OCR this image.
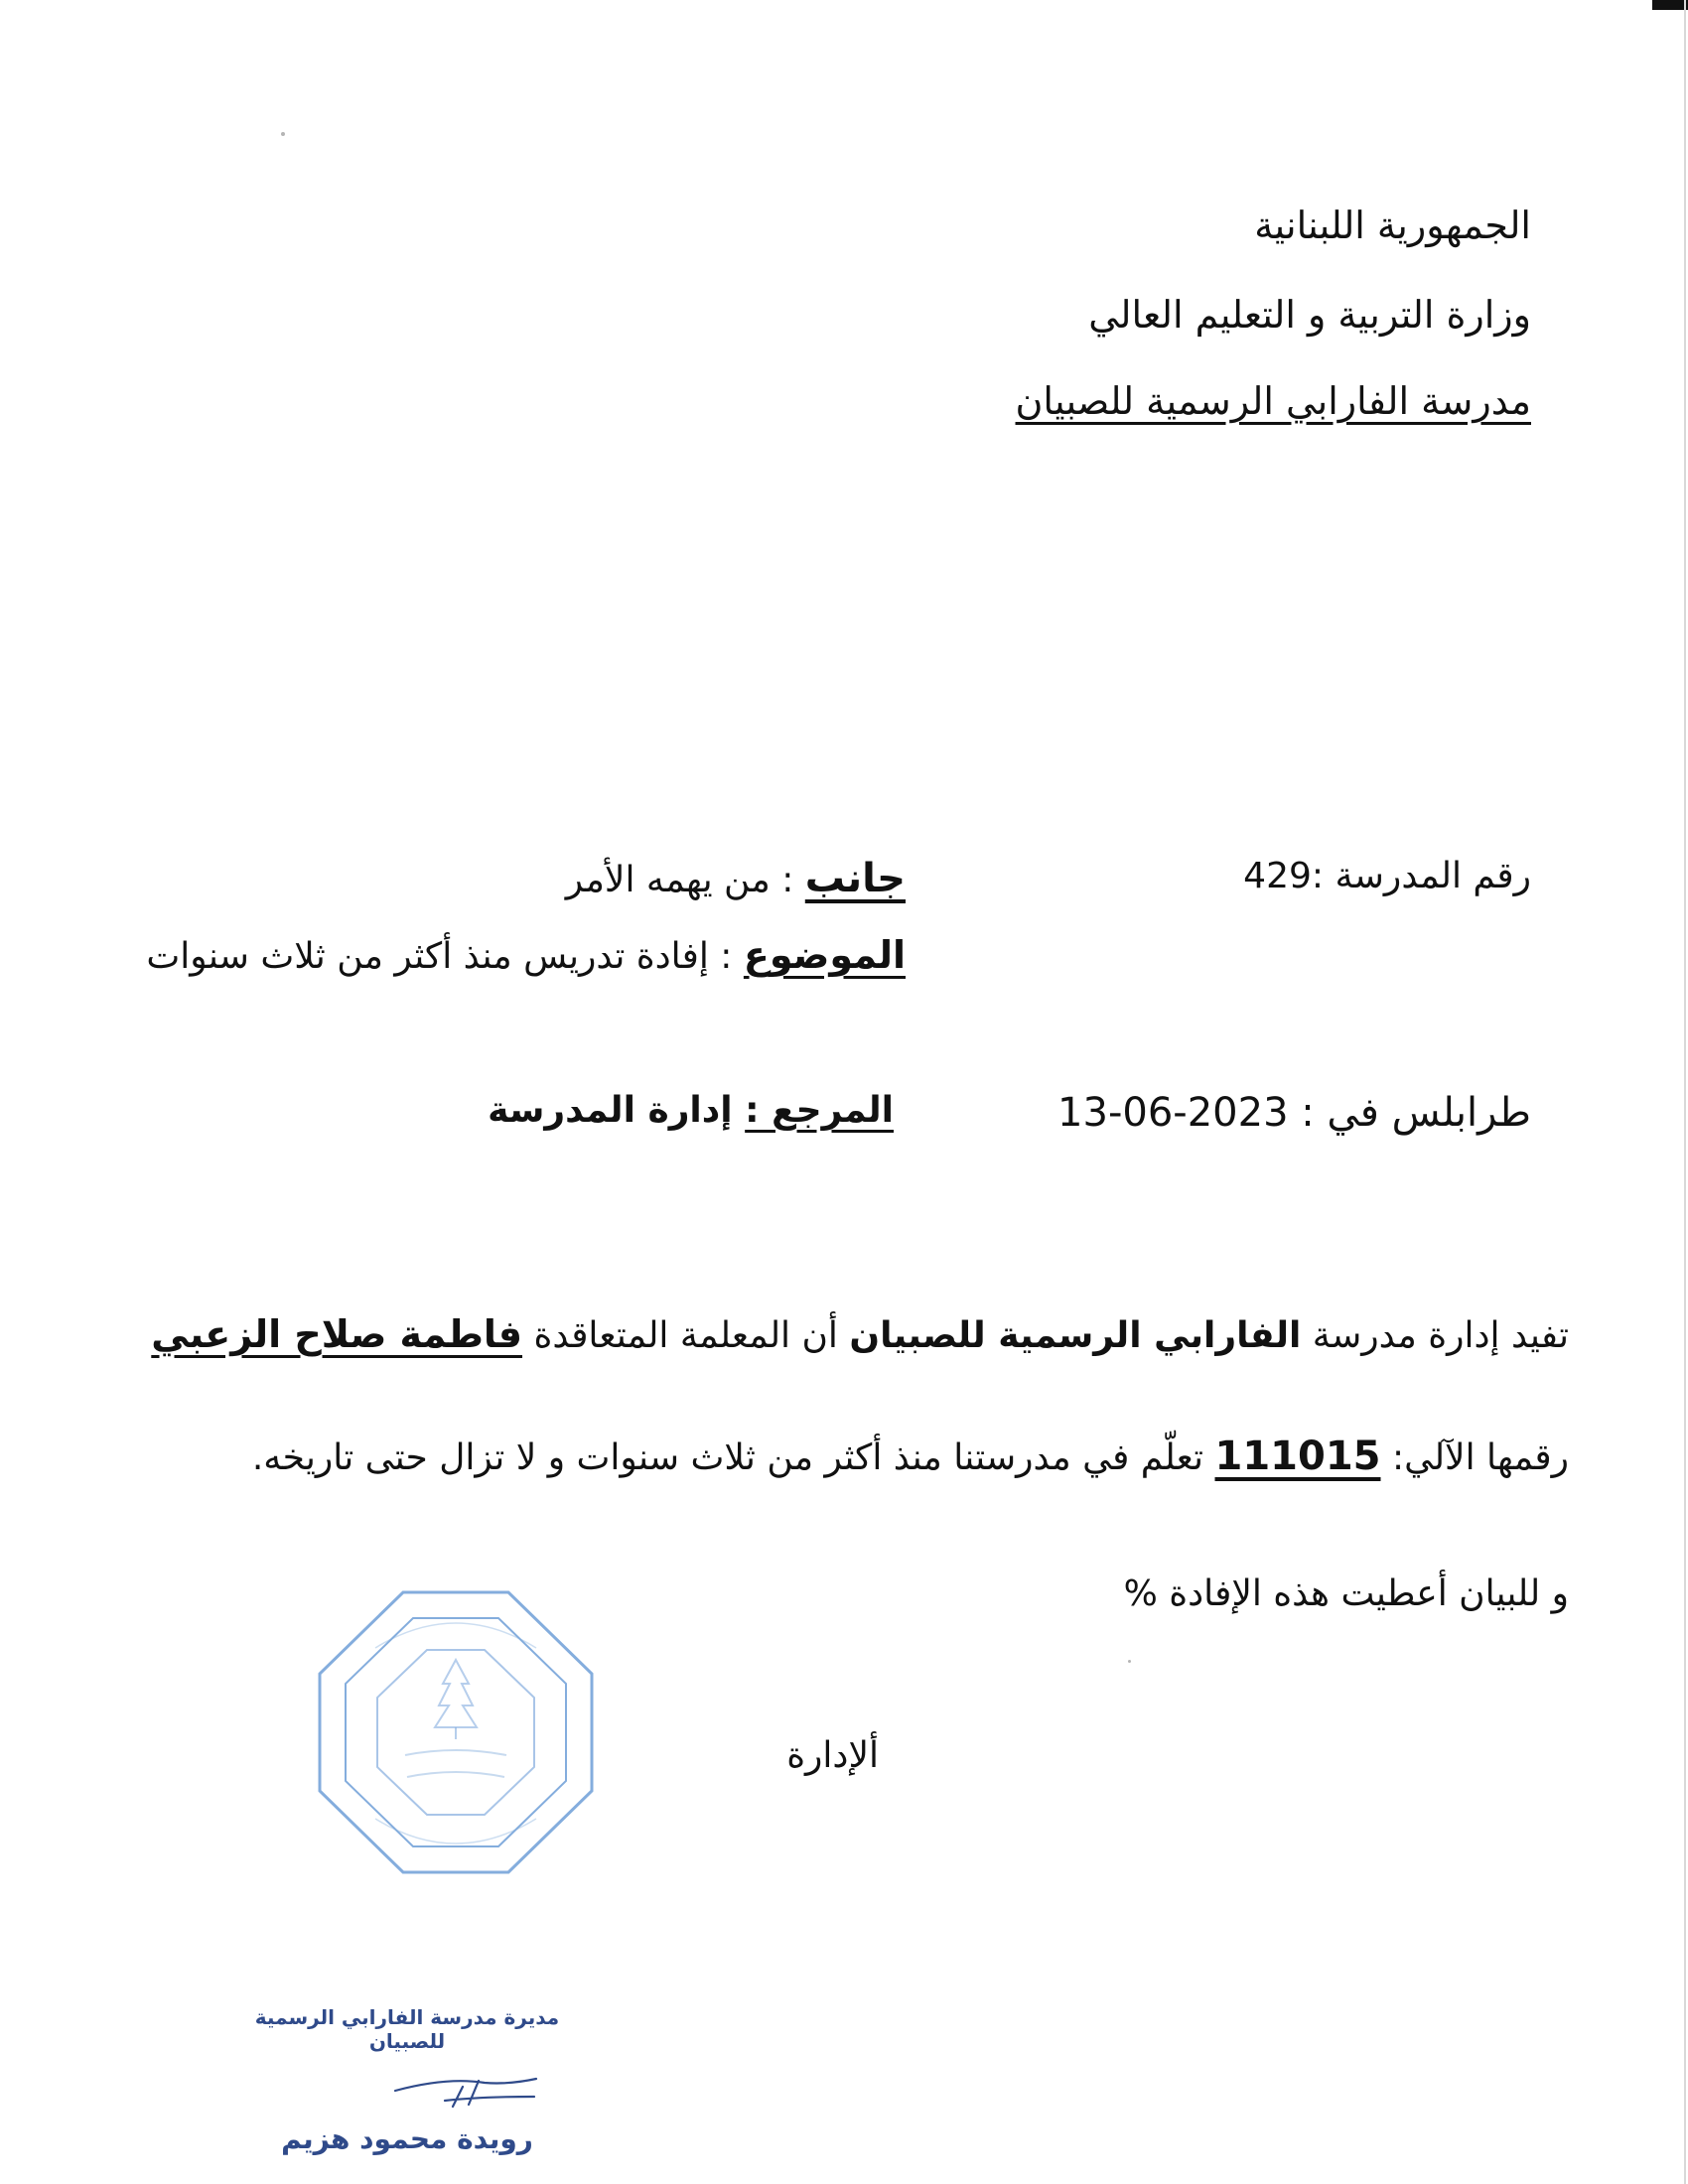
الجمهورية اللبنانية
وزارة التربية و التعليم العالي
مدرسة الفارابي الرسمية للصبيان
رقم المدرسة :429
جانب : من يهمه الأمر
الموضوع : إفادة تدريس منذ أكثر من ثلاث سنوات
طرابلس في : 2023-06-13
المرجع : إدارة المدرسة
تفيد إدارة مدرسة الفارابي الرسمية للصبيان أن المعلمة المتعاقدة فاطمة صلاح الزعبي
رقمها الآلي: 111015 تعلّم في مدرستنا منذ أكثر من ثلاث سنوات و لا تزال حتى تاريخه.
و للبيان أعطيت هذه الإفادة %
ألإدارة
مديرة مدرسة الفارابي الرسمية للصبيان
رويدة محمود هزيم
